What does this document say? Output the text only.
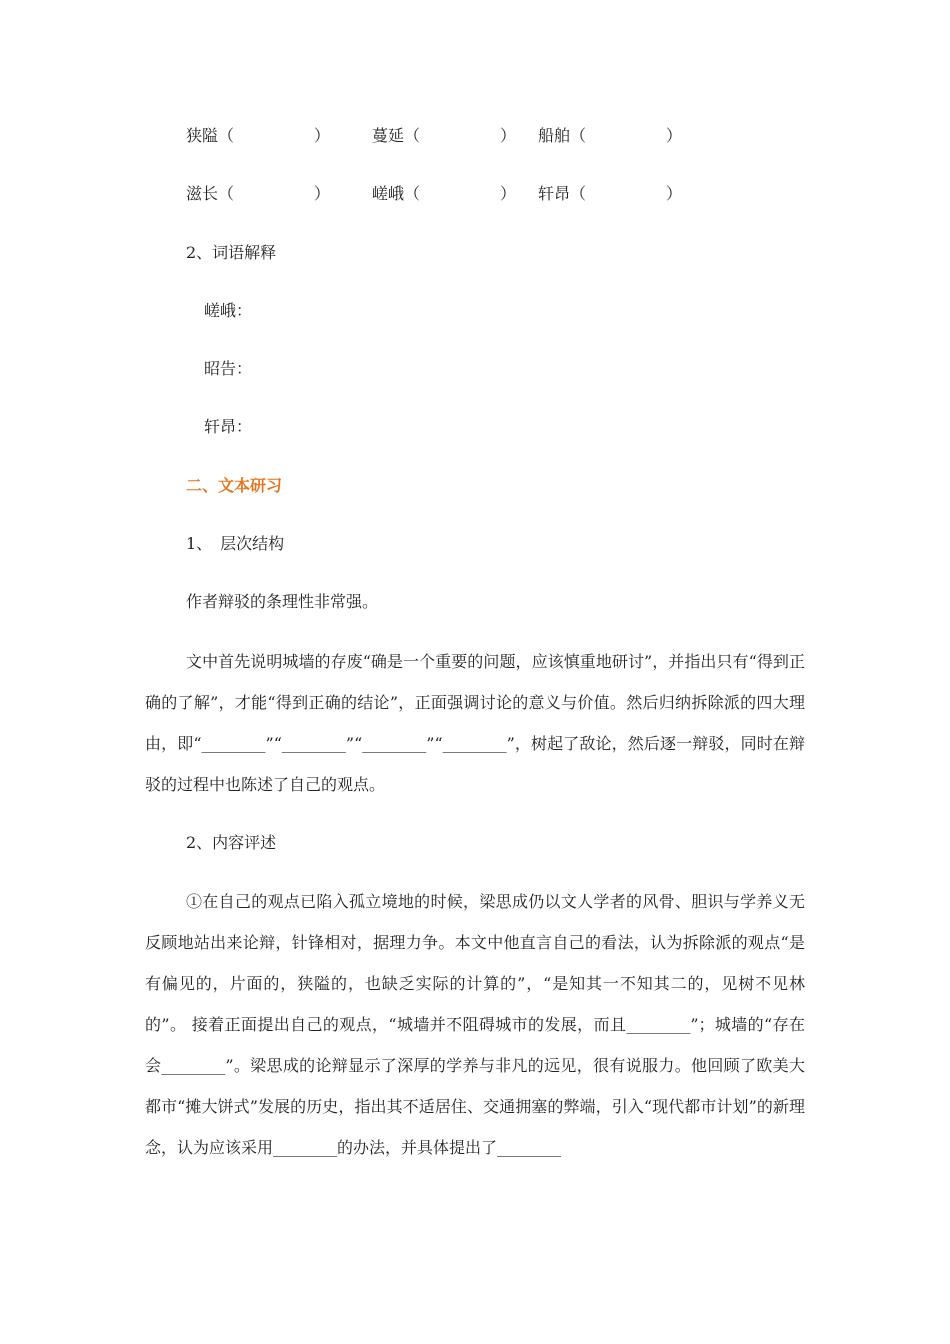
狭隘（　　　　　）	蔓延（　　　　　） 船舶（　　　　　）
滋长（　　　　　）	嵯峨（　　　　　） 轩昂（　　　　　）
2、词语解释
嵯峨：
昭告：
轩昂：
二、文本研习
1、　层次结构
作者辩驳的条理性非常强。
文中首先说明城墙的存废“确是一个重要的问题，应该慎重地研讨”，并指出只有“得到正确的了解”，才能“得到正确的结论”，正面强调讨论的意义与价值。然后归纳拆除派的四大理由，即“________”“________”“________”“________”，树起了敌论，然后逐一辩驳，同时在辩驳的过程中也陈述了自己的观点。
2、内容评述
①在自己的观点已陷入孤立境地的时候，梁思成仍以文人学者的风骨、胆识与学养义无反顾地站出来论辩，针锋相对，据理力争。本文中他直言自己的看法，认为拆除派的观点“是有偏见的，片面的，狭隘的，也缺乏实际的计算的”，“是知其一不知其二的，见树不见林的”。 接着正面提出自己的观点，“城墙并不阻碍城市的发展，而且________”；城墙的“存在会________”。梁思成的论辩显示了深厚的学养与非凡的远见，很有说服力。他回顾了欧美大都市“摊大饼式”发展的历史，指出其不适居住、交通拥塞的弊端，引入“现代都市计划”的新理念，认为应该采用________的办法，并具体提出了________
